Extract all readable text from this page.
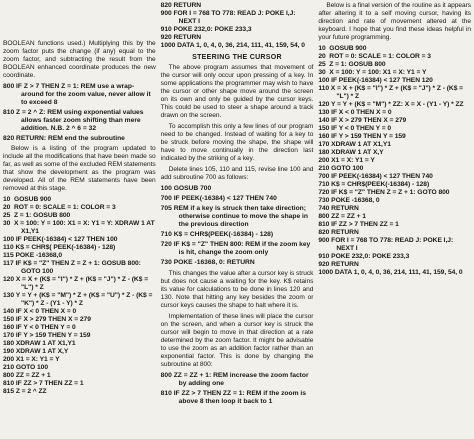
BOOLEAN functions used.) Multiplying this by the zoom factor puts the change (if any) equal to the zoom factor, and subtracting the result from the BOOLEAN enhanced coordinate produces the new coordinate.

800 IF Z > 7 THEN Z = 1: REM use a wrap-around for the zoom value, never allow it to exceed 8
810 Z = 2 ^ Z: REM using exponential values allows faster zoom shifting than mere addition. N.B. 2 ^ 6 = 32
820 RETURN: REM end the subroutine

Below is a listing of the program updated to include all the modifications that have been made so far, as well as some of the excluded REM statements that show the development as the program was developed. All of the REM statements have been removed at this stage.

10  GOSUB 900
20  ROT = 0: SCALE = 1: COLOR = 3
25  Z = 1: GOSUB 800
30  X = 100: Y = 100: X1 = X: Y1 = Y: XDRAW 1 AT X1,Y1
100 IF PEEK(-16384) < 127 THEN 100
110 K$ = CHR$( PEEK(-16384) - 128)
115 POKE -16368,0
117 IF K$ = "Z" THEN Z = Z + 1: GOSUB 800: GOTO 100
120 X = X + (K$ = "I") * Z + (K$ = "J") * Z - (K$ = "L") * Z
130 Y = Y + (K$ = "M") * Z + (K$ = "U") * Z - (K$ = "K") * Z - (Y1 - Y) * Z
140 IF X < 0 THEN X = 0
150 IF X > 279 THEN X = 279
160 IF Y < 0 THEN Y = 0
170 IF Y > 159 THEN Y = 159
180 XDRAW 1 AT X1,Y1
190 XDRAW 1 AT X,Y
200 X1 = X: Y1 = Y
210 GOTO 100
800 ZZ = ZZ + 1
810 IF ZZ > 7 THEN ZZ = 1
815 Z = 2 ^ ZZ
820 RETURN
900 FOR I = 768 TO 778: READ J: POKE I,J: NEXT I
910 POKE 232,0: POKE 233,3
920 RETURN
1000 DATA 1, 0, 4, 0, 36, 214, 111, 41, 159, 54, 0
STEERING THE CURSOR

The above program assumes that movement of the cursor will only occur upon pressing of a key. In some applications the programmer may wish to have the cursor or other shape move around the screen on its own and only be guided by the cursor keys. This could be used to steer a shape around a track drawn on the screen.

To accomplish this only a few lines of our program need to be changed. Instead of waiting for a key to be struck before moving the shape, the shape will have to move continually in the direction last indicated by the striking of a key.

Delete lines 105, 110 and 115, revise line 100 and add subroutine 700 as follows:

100 GOSUB 700
700 IF PEEK(-16384) < 127 THEN 740
705 REM if a key is struck then take direction; otherwise continue to move the shape in the previous direction
710 K$ = CHR$(PEEK(-16384) - 128)
720 IF K$ = "Z" THEN 800: REM if the zoom key is hit, change the zoom only
730 POKE -16368, 0: RETURN

This changes the value after a cursor key is struck but does not cause a waiting for the key. K$ retains its value for calculations to be done in lines 120 and 130. Note that hitting any key besides the zoom or cursor keys causes the shape to halt where it is.

Implementation of these lines will place the cursor on the screen, and when a cursor key is struck the cursor will begin to move in that direction at a rate determined by the zoom factor. It might be advisable to use the zoom as an addition factor rather than an exponential factor. This is done by changing the subroutine at 800:

800 ZZ = ZZ + 1: REM increase the zoom factor by adding one
810 IF ZZ > 7 THEN ZZ = 1: REM if the zoom is above 8 then loop it back to 1

Below is a final version of the routine as it appears after altering it to a self moving cursor, having its direction and rate of movement altered at the keyboard. I hope that you find these ideas helpful in your future programming.

10  GOSUB 900
20  ROT = 0: SCALE = 1: COLOR = 3
25  Z = 1: GOSUB 800
30  X = 100: Y = 100: X1 = X: Y1 = Y
100 IF PEEK(-16384) < 127 THEN 120
110 X = X + (K$ = "I") * Z + (K$ = "J") * Z - (K$ = "L") * Z
120 Y = Y + (K$ = "M") * ZZ: X = X - (Y1 - Y) * ZZ
130 IF X < 0 THEN X = 0
140 IF X > 279 THEN X = 279
150 IF Y < 0 THEN Y = 0
160 IF Y > 159 THEN Y = 159
170 XDRAW 1 AT X1,Y1
180 XDRAW 1 AT X,Y
200 X1 = X: Y1 = Y
210 GOTO 100
700 IF PEEK(-16384) < 127 THEN 740
710 K$ = CHR$(PEEK(-16384) - 128)
720 IF K$ = "Z" THEN Z = Z + 1: GOTO 800
730 POKE -16368, 0
740 RETURN
800 ZZ = ZZ + 1
810 IF ZZ > 7 THEN ZZ = 1
820 RETURN
900 FOR I = 768 TO 778: READ J: POKE I,J: NEXT I
910 POKE 232,0: POKE 233,3
920 RETURN
1000 DATA 1, 0, 4, 0, 36, 214, 111, 41, 159, 54, 0
